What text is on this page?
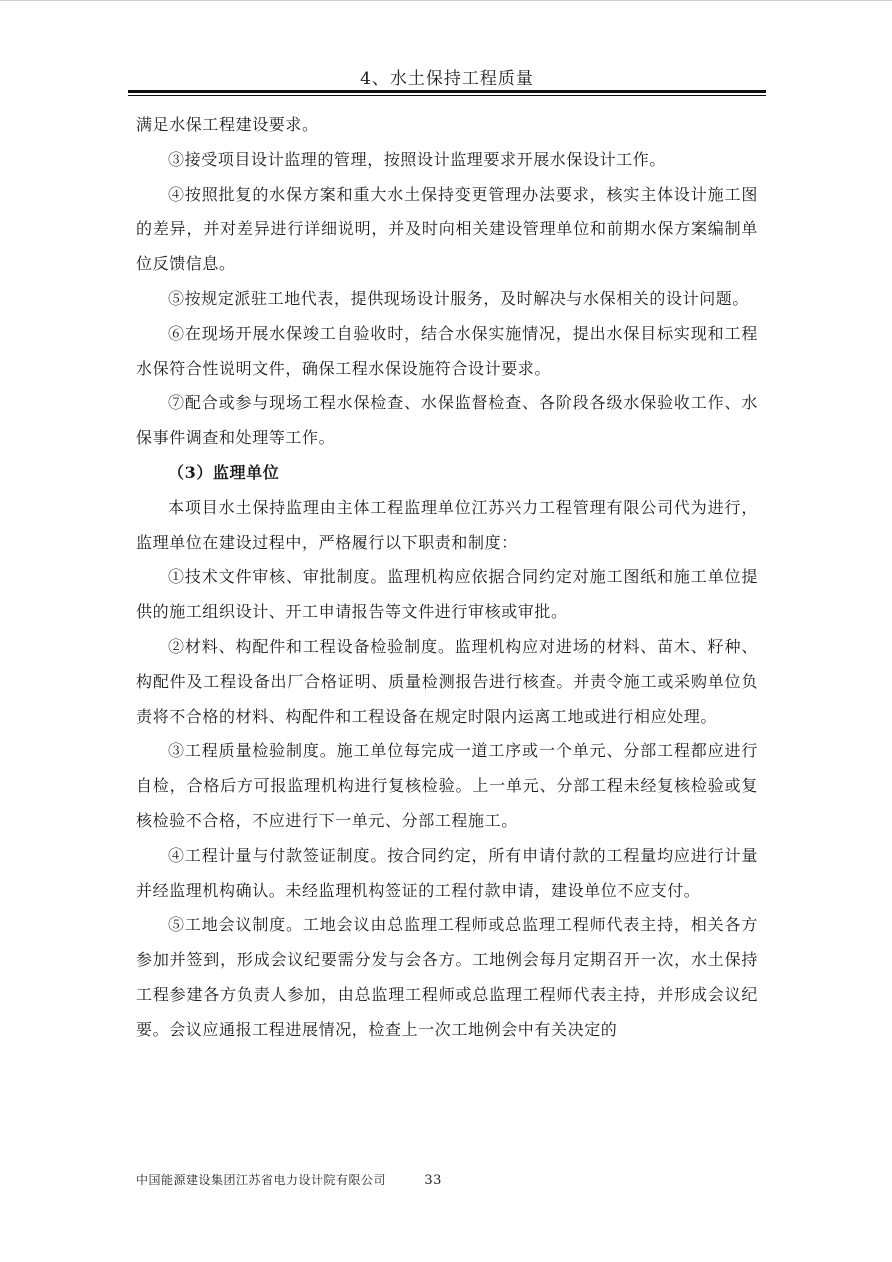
4、水土保持工程质量

满足水保工程建设要求。

③接受项目设计监理的管理，按照设计监理要求开展水保设计工作。

④按照批复的水保方案和重大水土保持变更管理办法要求，核实主体设计施工图的差异，并对差异进行详细说明，并及时向相关建设管理单位和前期水保方案编制单位反馈信息。

⑤按规定派驻工地代表，提供现场设计服务，及时解决与水保相关的设计问题。

⑥在现场开展水保竣工自验收时，结合水保实施情况，提出水保目标实现和工程水保符合性说明文件，确保工程水保设施符合设计要求。

⑦配合或参与现场工程水保检查、水保监督检查、各阶段各级水保验收工作、水保事件调查和处理等工作。

（3）监理单位

本项目水土保持监理由主体工程监理单位江苏兴力工程管理有限公司代为进行，监理单位在建设过程中，严格履行以下职责和制度：

①技术文件审核、审批制度。监理机构应依据合同约定对施工图纸和施工单位提供的施工组织设计、开工申请报告等文件进行审核或审批。

②材料、构配件和工程设备检验制度。监理机构应对进场的材料、苗木、籽种、构配件及工程设备出厂合格证明、质量检测报告进行核查。并责令施工或采购单位负责将不合格的材料、构配件和工程设备在规定时限内运离工地或进行相应处理。

③工程质量检验制度。施工单位每完成一道工序或一个单元、分部工程都应进行自检，合格后方可报监理机构进行复核检验。上一单元、分部工程未经复核检验或复核检验不合格，不应进行下一单元、分部工程施工。

④工程计量与付款签证制度。按合同约定，所有申请付款的工程量均应进行计量并经监理机构确认。未经监理机构签证的工程付款申请，建设单位不应支付。

⑤工地会议制度。工地会议由总监理工程师或总监理工程师代表主持，相关各方参加并签到，形成会议纪要需分发与会各方。工地例会每月定期召开一次，水土保持工程参建各方负责人参加，由总监理工程师或总监理工程师代表主持，并形成会议纪要。会议应通报工程进展情况，检查上一次工地例会中有关决定的

中国能源建设集团江苏省电力设计院有限公司	33
